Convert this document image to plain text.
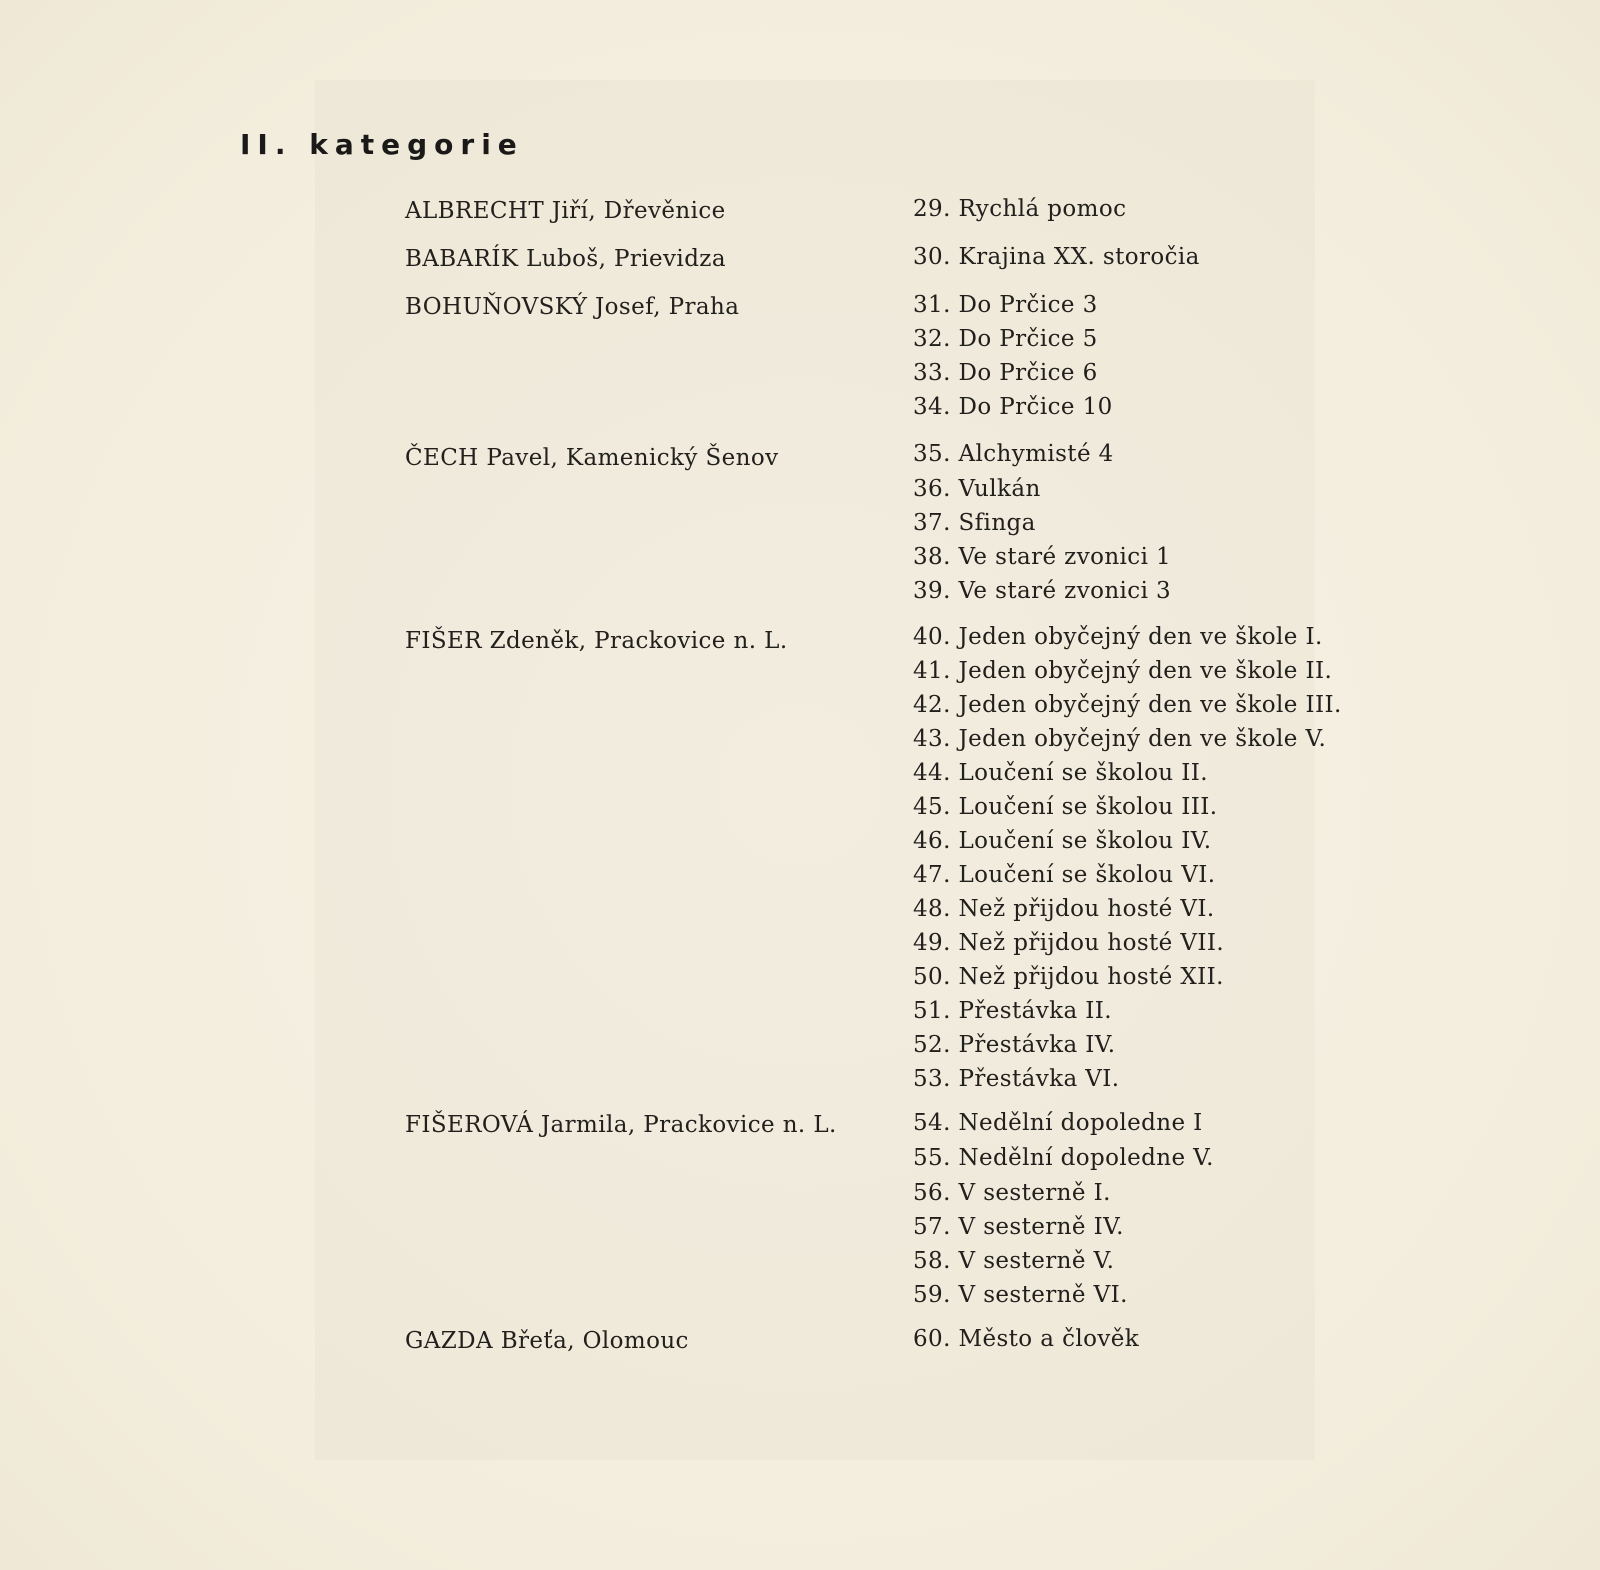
II. kategorie
ALBRECHT Jiří, Dřevěnice
BABARÍK Luboš, Prievidza
BOHUŇOVSKÝ Josef, Praha
ČECH Pavel, Kamenický Šenov
FIŠER Zdeněk, Prackovice n. L.
FIŠEROVÁ Jarmila, Prackovice n. L.
GAZDA Břeťa, Olomouc
29. Rychlá pomoc
30. Krajina XX. storočia
31. Do Prčice 3
32. Do Prčice 5
33. Do Prčice 6
34. Do Prčice 10
35. Alchymisté 4
36. Vulkán
37. Sfinga
38. Ve staré zvonici 1
39. Ve staré zvonici 3
40. Jeden obyčejný den ve škole I.
41. Jeden obyčejný den ve škole II.
42. Jeden obyčejný den ve škole III.
43. Jeden obyčejný den ve škole V.
44. Loučení se školou II.
45. Loučení se školou III.
46. Loučení se školou IV.
47. Loučení se školou VI.
48. Než přijdou hosté VI.
49. Než přijdou hosté VII.
50. Než přijdou hosté XII.
51. Přestávka II.
52. Přestávka IV.
53. Přestávka VI.
54. Nedělní dopoledne I
55. Nedělní dopoledne V.
56. V sesterně I.
57. V sesterně IV.
58. V sesterně V.
59. V sesterně VI.
60. Město a člověk
